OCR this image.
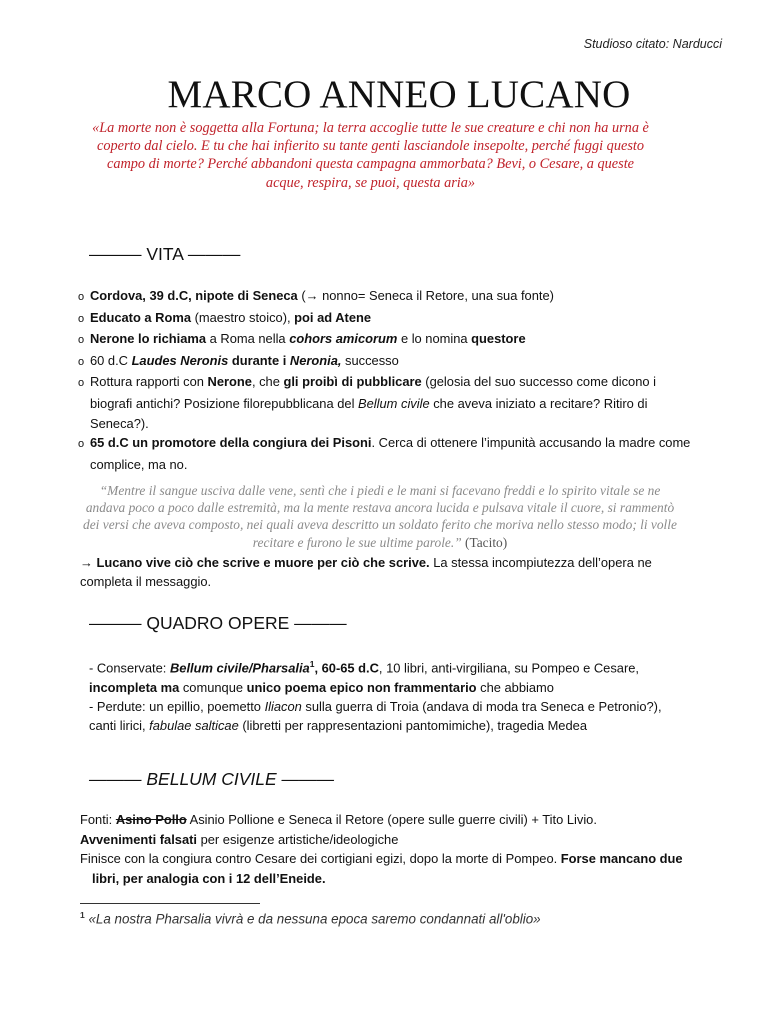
Studioso citato: Narducci
MARCO ANNEO LUCANO
«La morte non è soggetta alla Fortuna; la terra accoglie tutte le sue creature e chi non ha urna è coperto dal cielo. E tu che hai infierito su tante genti lasciandole insepolte, perché fuggi questo campo di morte? Perché abbandoni questa campagna ammorbata? Bevi, o Cesare, a queste acque, respira, se puoi, questa aria»
——— VITA ———
o Cordova, 39 d.C, nipote di Seneca (→ nonno= Seneca il Retore, una sua fonte)
o Educato a Roma (maestro stoico), poi ad Atene
o Nerone lo richiama a Roma nella cohors amicorum e lo nomina questore
o 60 d.C Laudes Neronis durante i Neronia, successo
o Rottura rapporti con Nerone, che gli proibì di pubblicare (gelosia del suo successo come dicono i biografi antichi? Posizione filorepubblicana del Bellum civile che aveva iniziato a recitare? Ritiro di Seneca?).
o 65 d.C un promotore della congiura dei Pisoni. Cerca di ottenere l’impunità accusando la madre come complice, ma no.
“Mentre il sangue usciva dalle vene, sentì che i piedi e le mani si facevano freddi e lo spirito vitale se ne andava poco a poco dalle estremità, ma la mente restava ancora lucida e pulsava vitale il cuore, si rammentò dei versi che aveva composto, nei quali aveva descritto un soldato ferito che moriva nello stesso modo; li volle recitare e furono le sue ultime parole.” (Tacito)
→ Lucano vive ciò che scrive e muore per ciò che scrive. La stessa incompiutezza dell’opera ne completa il messaggio.
——— QUADRO OPERE ———
- Conservate: Bellum civile/Pharsalia$^1$, 60-65 d.C, 10 libri, anti-virgiliana, su Pompeo e Cesare,
incompleta ma comunque unico poema epico non frammentario che abbiamo
- Perdute: un epillio, poemetto Iliacon sulla guerra di Troia (andava di moda tra Seneca e Petronio?), canti lirici, fabulae salticae (libretti per rappresentazioni pantomimiche), tragedia Medea
——— BELLUM CIVILE ———

Fonti: Asino Pollo Asinio Pollione e Seneca il Retore (opere sulle guerre civili) + Tito Livio.

Avvenimenti falsati per esigenze artistiche/ideologiche

Finisce con la congiura contro Cesare dei cortigiani egizi, dopo la morte di Pompeo. Forse mancano due libri, per analogia con i 12 dell’Eneide.

$^1$ «La nostra Pharsalia vivrà e da nessuna epoca saremo condannati all'oblio»
